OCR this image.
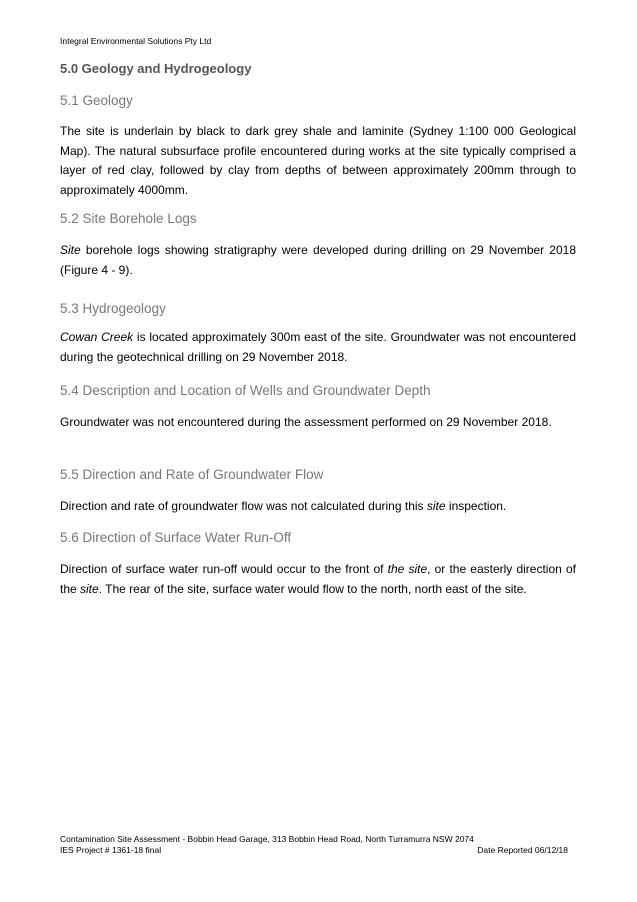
Integral Environmental Solutions Pty Ltd
5.0 Geology and Hydrogeology
5.1 Geology
The site is underlain by black to dark grey shale and laminite (Sydney 1:100 000 Geological Map). The natural subsurface profile encountered during works at the site typically comprised a layer of red clay, followed by clay from depths of between approximately 200mm through to approximately 4000mm.
5.2 Site Borehole Logs
Site borehole logs showing stratigraphy were developed during drilling on 29 November 2018 (Figure 4 - 9).
5.3 Hydrogeology
Cowan Creek is located approximately 300m east of the site. Groundwater was not encountered during the geotechnical drilling on 29 November 2018.
5.4 Description and Location of Wells and Groundwater Depth
Groundwater was not encountered during the assessment performed on 29 November 2018.
5.5 Direction and Rate of Groundwater Flow
Direction and rate of groundwater flow was not calculated during this site inspection.
5.6 Direction of Surface Water Run-Off
Direction of surface water run-off would occur to the front of the site, or the easterly direction of the site. The rear of the site, surface water would flow to the north, north east of the site.
Contamination Site Assessment - Bobbin Head Garage, 313 Bobbin Head Road, North Turramurra NSW 2074
IES Project # 1361-18 final	Date Reported 06/12/18
